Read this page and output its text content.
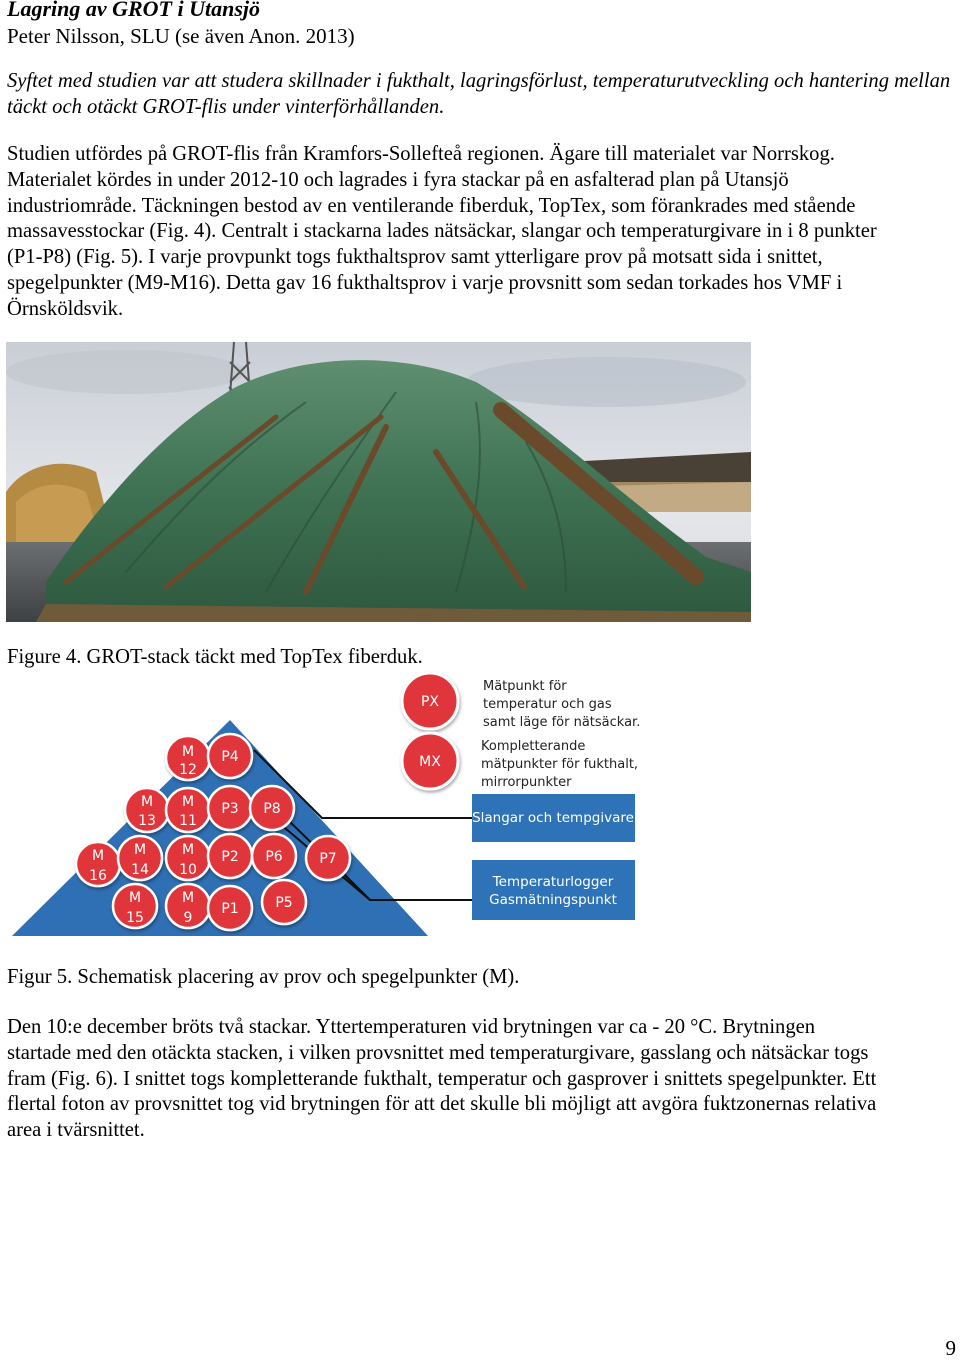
Lagring av GROT i Utansjö
Peter Nilsson, SLU (se även Anon. 2013)

Syftet med studien var att studera skillnader i fukthalt, lagringsförlust, temperaturutveckling och hantering mellan täckt och otäckt GROT-flis under vinterförhållanden.

Studien utfördes på GROT-flis från Kramfors-Sollefteå regionen. Ägare till materialet var Norrskog.
Materialet kördes in under 2012-10 och lagrades i fyra stackar på en asfalterad plan på Utansjö
industriområde. Täckningen bestod av en ventilerande fiberduk, TopTex, som förankrades med stående
massavesstockar (Fig. 4). Centralt i stackarna lades nätsäckar, slangar och temperaturgivare in i 8 punkter
(P1-P8) (Fig. 5). I varje provpunkt togs fukthaltsprov samt ytterligare prov på motsatt sida i snittet,
spegelpunkter (M9-M16). Detta gav 16 fukthaltsprov i varje provsnitt som sedan torkades hos VMF i
Örnsköldsvik.
Figure 4. GROT-stack täckt med TopTex fiberduk.
M
12
P4
M
13
M
11
P3 P8
M
16
M
14
M
10
P2 P6	P7
M
15
M
9
P1	P5
PX
MX
Mätpunkt för
temperatur och gas
samt läge för nätsäckar.
Kompletterande
mätpunkter för fukthalt,
mirrorpunkter
Slangar och tempgivare
Temperaturlogger
Gasmätningspunkt
Figur 5. Schematisk placering av prov och spegelpunkter (M).
Den 10:e december bröts två stackar. Yttertemperaturen vid brytningen var ca - 20 °C. Brytningen
startade med den otäckta stacken, i vilken provsnittet med temperaturgivare, gasslang och nätsäckar togs
fram (Fig. 6). I snittet togs kompletterande fukthalt, temperatur och gasprover i snittets spegelpunkter. Ett
flertal foton av provsnittet tog vid brytningen för att det skulle bli möjligt att avgöra fuktzonernas relativa
area i tvärsnittet.
9
